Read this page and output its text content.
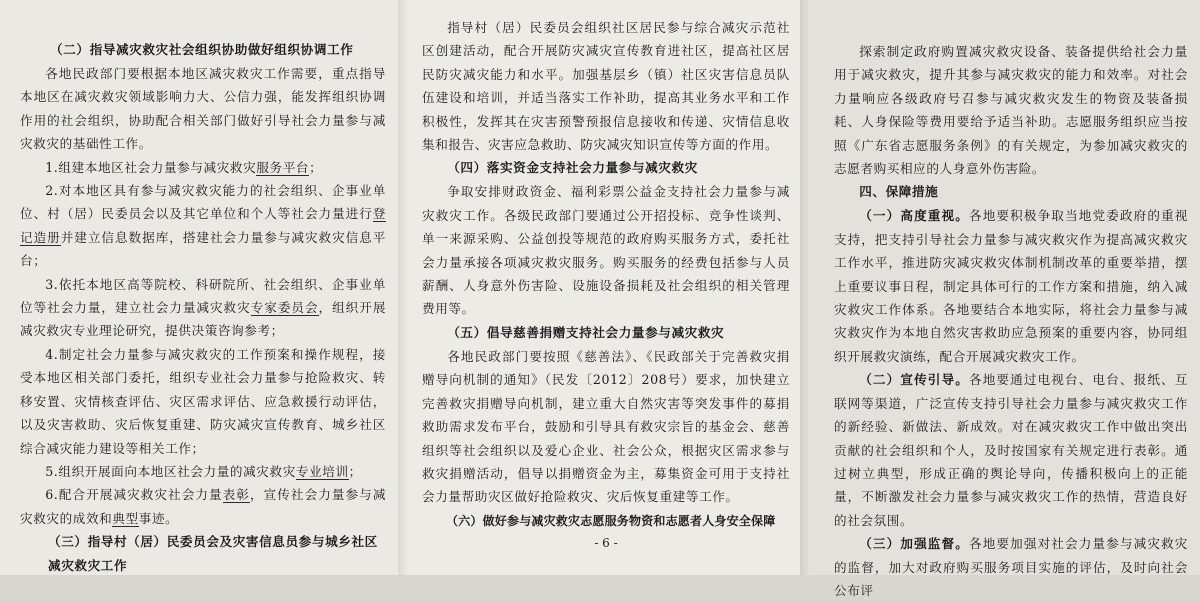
（二）指导减灾救灾社会组织协助做好组织协调工作

各地民政部门要根据本地区减灾救灾工作需要，重点指导本地区在减灾救灾领域影响力大、公信力强，能发挥组织协调作用的社会组织，协助配合相关部门做好引导社会力量参与减灾救灾的基础性工作。

1.组建本地区社会力量参与减灾救灾服务平台；

2.对本地区具有参与减灾救灾能力的社会组织、企事业单位、村（居）民委员会以及其它单位和个人等社会力量进行登记造册并建立信息数据库，搭建社会力量参与减灾救灾信息平台；

3.依托本地区高等院校、科研院所、社会组织、企事业单位等社会力量，建立社会力量减灾救灾专家委员会，组织开展减灾救灾专业理论研究，提供决策咨询参考；

4.制定社会力量参与减灾救灾的工作预案和操作规程，接受本地区相关部门委托，组织专业社会力量参与抢险救灾、转移安置、灾情核查评估、灾区需求评估、应急救援行动评估，以及灾害救助、灾后恢复重建、防灾减灾宣传教育、城乡社区综合减灾能力建设等相关工作；

5.组织开展面向本地区社会力量的减灾救灾专业培训；

6.配合开展减灾救灾社会力量表彰，宣传社会力量参与减灾救灾的成效和典型事迹。

（三）指导村（居）民委员会及灾害信息员参与城乡社区减灾救灾工作

指导村（居）民委员会组织社区居民参与综合减灾示范社区创建活动，配合开展防灾减灾宣传教育进社区，提高社区居民防灾减灾能力和水平。加强基层乡（镇）社区灾害信息员队伍建设和培训，并适当落实工作补助，提高其业务水平和工作积极性，发挥其在灾害预警预报信息接收和传递、灾情信息收集和报告、灾害应急救助、防灾减灾知识宣传等方面的作用。

（四）落实资金支持社会力量参与减灾救灾

争取安排财政资金、福利彩票公益金支持社会力量参与减灾救灾工作。各级民政部门要通过公开招投标、竞争性谈判、单一来源采购、公益创投等规范的政府购买服务方式，委托社会力量承接各项减灾救灾服务。购买服务的经费包括参与人员薪酬、人身意外伤害险、设施设备损耗及社会组织的相关管理费用等。

（五）倡导慈善捐赠支持社会力量参与减灾救灾

各地民政部门要按照《慈善法》、《民政部关于完善救灾捐赠导向机制的通知》（民发〔2012〕208号）要求，加快建立完善救灾捐赠导向机制，建立重大自然灾害等突发事件的募捐救助需求发布平台，鼓励和引导具有救灾宗旨的基金会、慈善组织等社会组织以及爱心企业、社会公众，根据灾区需求参与救灾捐赠活动，倡导以捐赠资金为主，募集资金可用于支持社会力量帮助灾区做好抢险救灾、灾后恢复重建等工作。

（六）做好参与减灾救灾志愿服务物资和志愿者人身安全保障

- 6 -

探索制定政府购置减灾救灾设备、装备提供给社会力量用于减灾救灾，提升其参与减灾救灾的能力和效率。对社会力量响应各级政府号召参与减灾救灾发生的物资及装备损耗、人身保险等费用要给予适当补助。志愿服务组织应当按照《广东省志愿服务条例》的有关规定，为参加减灾救灾的志愿者购买相应的人身意外伤害险。

四、保障措施

（一）高度重视。各地要积极争取当地党委政府的重视支持，把支持引导社会力量参与减灾救灾作为提高减灾救灾工作水平，推进防灾减灾救灾体制机制改革的重要举措，摆上重要议事日程，制定具体可行的工作方案和措施，纳入减灾救灾工作体系。各地要结合本地实际，将社会力量参与减灾救灾作为本地自然灾害救助应急预案的重要内容，协同组织开展救灾演练，配合开展减灾救灾工作。

（二）宣传引导。各地要通过电视台、电台、报纸、互联网等渠道，广泛宣传支持引导社会力量参与减灾救灾工作的新经验、新做法、新成效。对在减灾救灾工作中做出突出贡献的社会组织和个人，及时按国家有关规定进行表彰。通过树立典型，形成正确的舆论导向，传播积极向上的正能量，不断激发社会力量参与减灾救灾工作的热情，营造良好的社会氛围。

（三）加强监督。各地要加强对社会力量参与减灾救灾的监督，加大对政府购买服务项目实施的评估，及时向社会公布评
